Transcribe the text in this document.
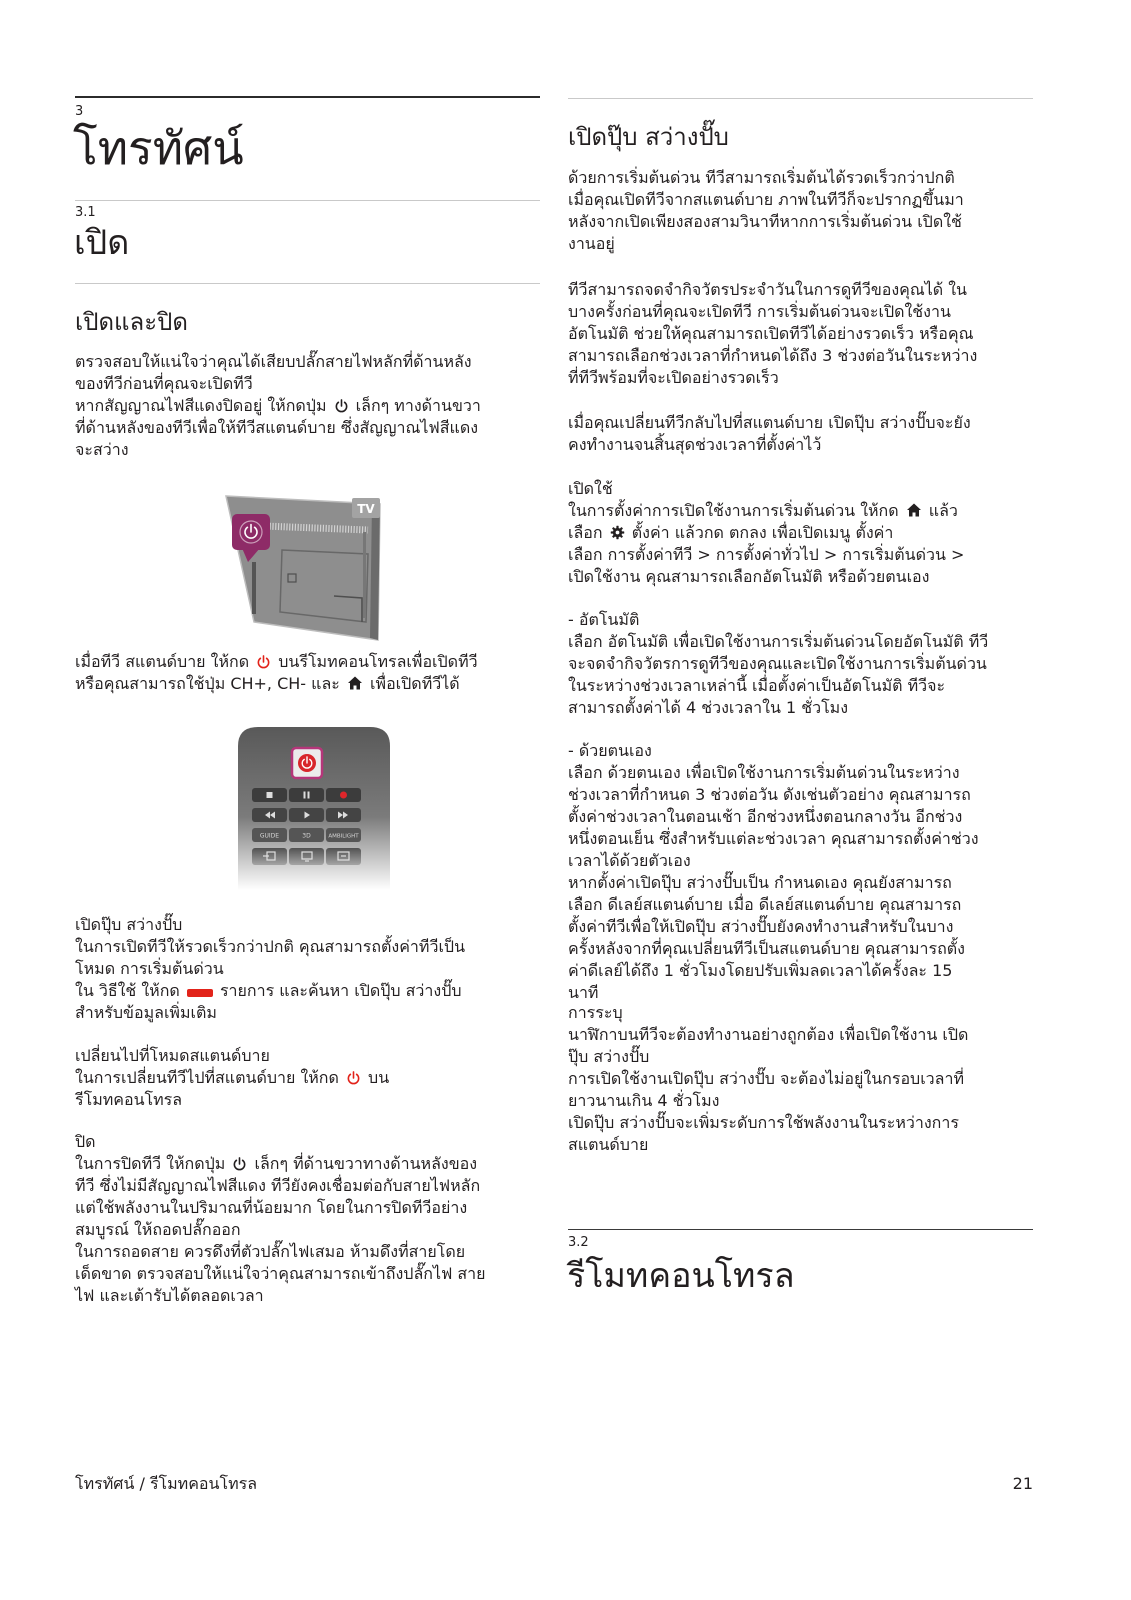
3
โทรทัศน์
3.1
เปิด
เปิดและปิด
ตรวจสอบให้แน่ใจว่าคุณได้เสียบปลั๊กสายไฟหลักที่ด้านหลัง
ของทีวีก่อนที่คุณจะเปิดทีวี
หากสัญญาณไฟสีแดงปิดอยู่ ให้กดปุ่ม  เล็กๆ ทางด้านขวา
ที่ด้านหลังของทีวีเพื่อให้ทีวีสแตนด์บาย ซึ่งสัญญาณไฟสีแดง
จะสว่าง
TV
เมื่อทีวี สแตนด์บาย ให้กด  บนรีโมทคอนโทรลเพื่อเปิดทีวี
หรือคุณสามารถใช้ปุ่ม CH+, CH- และ  เพื่อเปิดทีวีได้
GUIDE	3D	AMBILIGHT
เปิดปุ๊บ สว่างปั๊บ
ในการเปิดทีวีให้รวดเร็วกว่าปกติ คุณสามารถตั้งค่าทีวีเป็น
โหมด การเริ่มต้นด่วน
ใน วิธีใช้ ให้กด  รายการ และค้นหา เปิดปุ๊บ สว่างปั๊บ
สำหรับข้อมูลเพิ่มเติม
เปลี่ยนไปที่โหมดสแตนด์บาย
ในการเปลี่ยนทีวีไปที่สแตนด์บาย ให้กด  บน
รีโมทคอนโทรล
ปิด
ในการปิดทีวี ให้กดปุ่ม  เล็กๆ ที่ด้านขวาทางด้านหลังของ
ทีวี ซึ่งไม่มีสัญญาณไฟสีแดง ทีวียังคงเชื่อมต่อกับสายไฟหลัก
แต่ใช้พลังงานในปริมาณที่น้อยมาก โดยในการปิดทีวีอย่าง
สมบูรณ์ ให้ถอดปลั๊กออก
ในการถอดสาย ควรดึงที่ตัวปลั๊กไฟเสมอ ห้ามดึงที่สายโดย
เด็ดขาด ตรวจสอบให้แน่ใจว่าคุณสามารถเข้าถึงปลั๊กไฟ สาย
ไฟ และเต้ารับได้ตลอดเวลา
เปิดปุ๊บ สว่างปั๊บ
ด้วยการเริ่มต้นด่วน ทีวีสามารถเริ่มต้นได้รวดเร็วกว่าปกติ
เมื่อคุณเปิดทีวีจากสแตนด์บาย ภาพในทีวีก็จะปรากฏขึ้นมา
หลังจากเปิดเพียงสองสามวินาทีหากการเริ่มต้นด่วน เปิดใช้
งานอยู่
ทีวีสามารถจดจำกิจวัตรประจำวันในการดูทีวีของคุณได้ ใน
บางครั้งก่อนที่คุณจะเปิดทีวี การเริ่มต้นด่วนจะเปิดใช้งาน
อัตโนมัติ ช่วยให้คุณสามารถเปิดทีวีได้อย่างรวดเร็ว หรือคุณ
สามารถเลือกช่วงเวลาที่กำหนดได้ถึง 3 ช่วงต่อวันในระหว่าง
ที่ทีวีพร้อมที่จะเปิดอย่างรวดเร็ว
เมื่อคุณเปลี่ยนทีวีกลับไปที่สแตนด์บาย เปิดปุ๊บ สว่างปั๊บจะยัง
คงทำงานจนสิ้นสุดช่วงเวลาที่ตั้งค่าไว้
เปิดใช้
ในการตั้งค่าการเปิดใช้งานการเริ่มต้นด่วน ให้กด  แล้ว
เลือก  ตั้งค่า แล้วกด ตกลง เพื่อเปิดเมนู ตั้งค่า
เลือก การตั้งค่าทีวี > การตั้งค่าทั่วไป > การเริ่มต้นด่วน >
เปิดใช้งาน คุณสามารถเลือกอัตโนมัติ หรือด้วยตนเอง
- อัตโนมัติ
เลือก อัตโนมัติ เพื่อเปิดใช้งานการเริ่มต้นด่วนโดยอัตโนมัติ ทีวี
จะจดจำกิจวัตรการดูทีวีของคุณและเปิดใช้งานการเริ่มต้นด่วน
ในระหว่างช่วงเวลาเหล่านี้ เมื่อตั้งค่าเป็นอัตโนมัติ ทีวีจะ
สามารถตั้งค่าได้ 4 ช่วงเวลาใน 1 ชั่วโมง
- ด้วยตนเอง
เลือก ด้วยตนเอง เพื่อเปิดใช้งานการเริ่มต้นด่วนในระหว่าง
ช่วงเวลาที่กำหนด 3 ช่วงต่อวัน ดังเช่นตัวอย่าง คุณสามารถ
ตั้งค่าช่วงเวลาในตอนเช้า อีกช่วงหนึ่งตอนกลางวัน อีกช่วง
หนึ่งตอนเย็น ซึ่งสำหรับแต่ละช่วงเวลา คุณสามารถตั้งค่าช่วง
เวลาได้ด้วยตัวเอง
หากตั้งค่าเปิดปุ๊บ สว่างปั๊บเป็น กำหนดเอง คุณยังสามารถ
เลือก ดีเลย์สแตนด์บาย เมื่อ ดีเลย์สแตนด์บาย คุณสามารถ
ตั้งค่าทีวีเพื่อให้เปิดปุ๊บ สว่างปั๊บยังคงทำงานสำหรับในบาง
ครั้งหลังจากที่คุณเปลี่ยนทีวีเป็นสแตนด์บาย คุณสามารถตั้ง
ค่าดีเลย์ได้ถึง 1 ชั่วโมงโดยปรับเพิ่มลดเวลาได้ครั้งละ 15
นาที
การระบุ
นาฬิกาบนทีวีจะต้องทำงานอย่างถูกต้อง เพื่อเปิดใช้งาน เปิด
ปุ๊บ สว่างปั๊บ
การเปิดใช้งานเปิดปุ๊บ สว่างปั๊บ จะต้องไม่อยู่ในกรอบเวลาที่
ยาวนานเกิน 4 ชั่วโมง
เปิดปุ๊บ สว่างปั๊บจะเพิ่มระดับการใช้พลังงานในระหว่างการ
สแตนด์บาย
3.2
รีโมทคอนโทรล
โทรทัศน์ / รีโมทคอนโทรล	21
